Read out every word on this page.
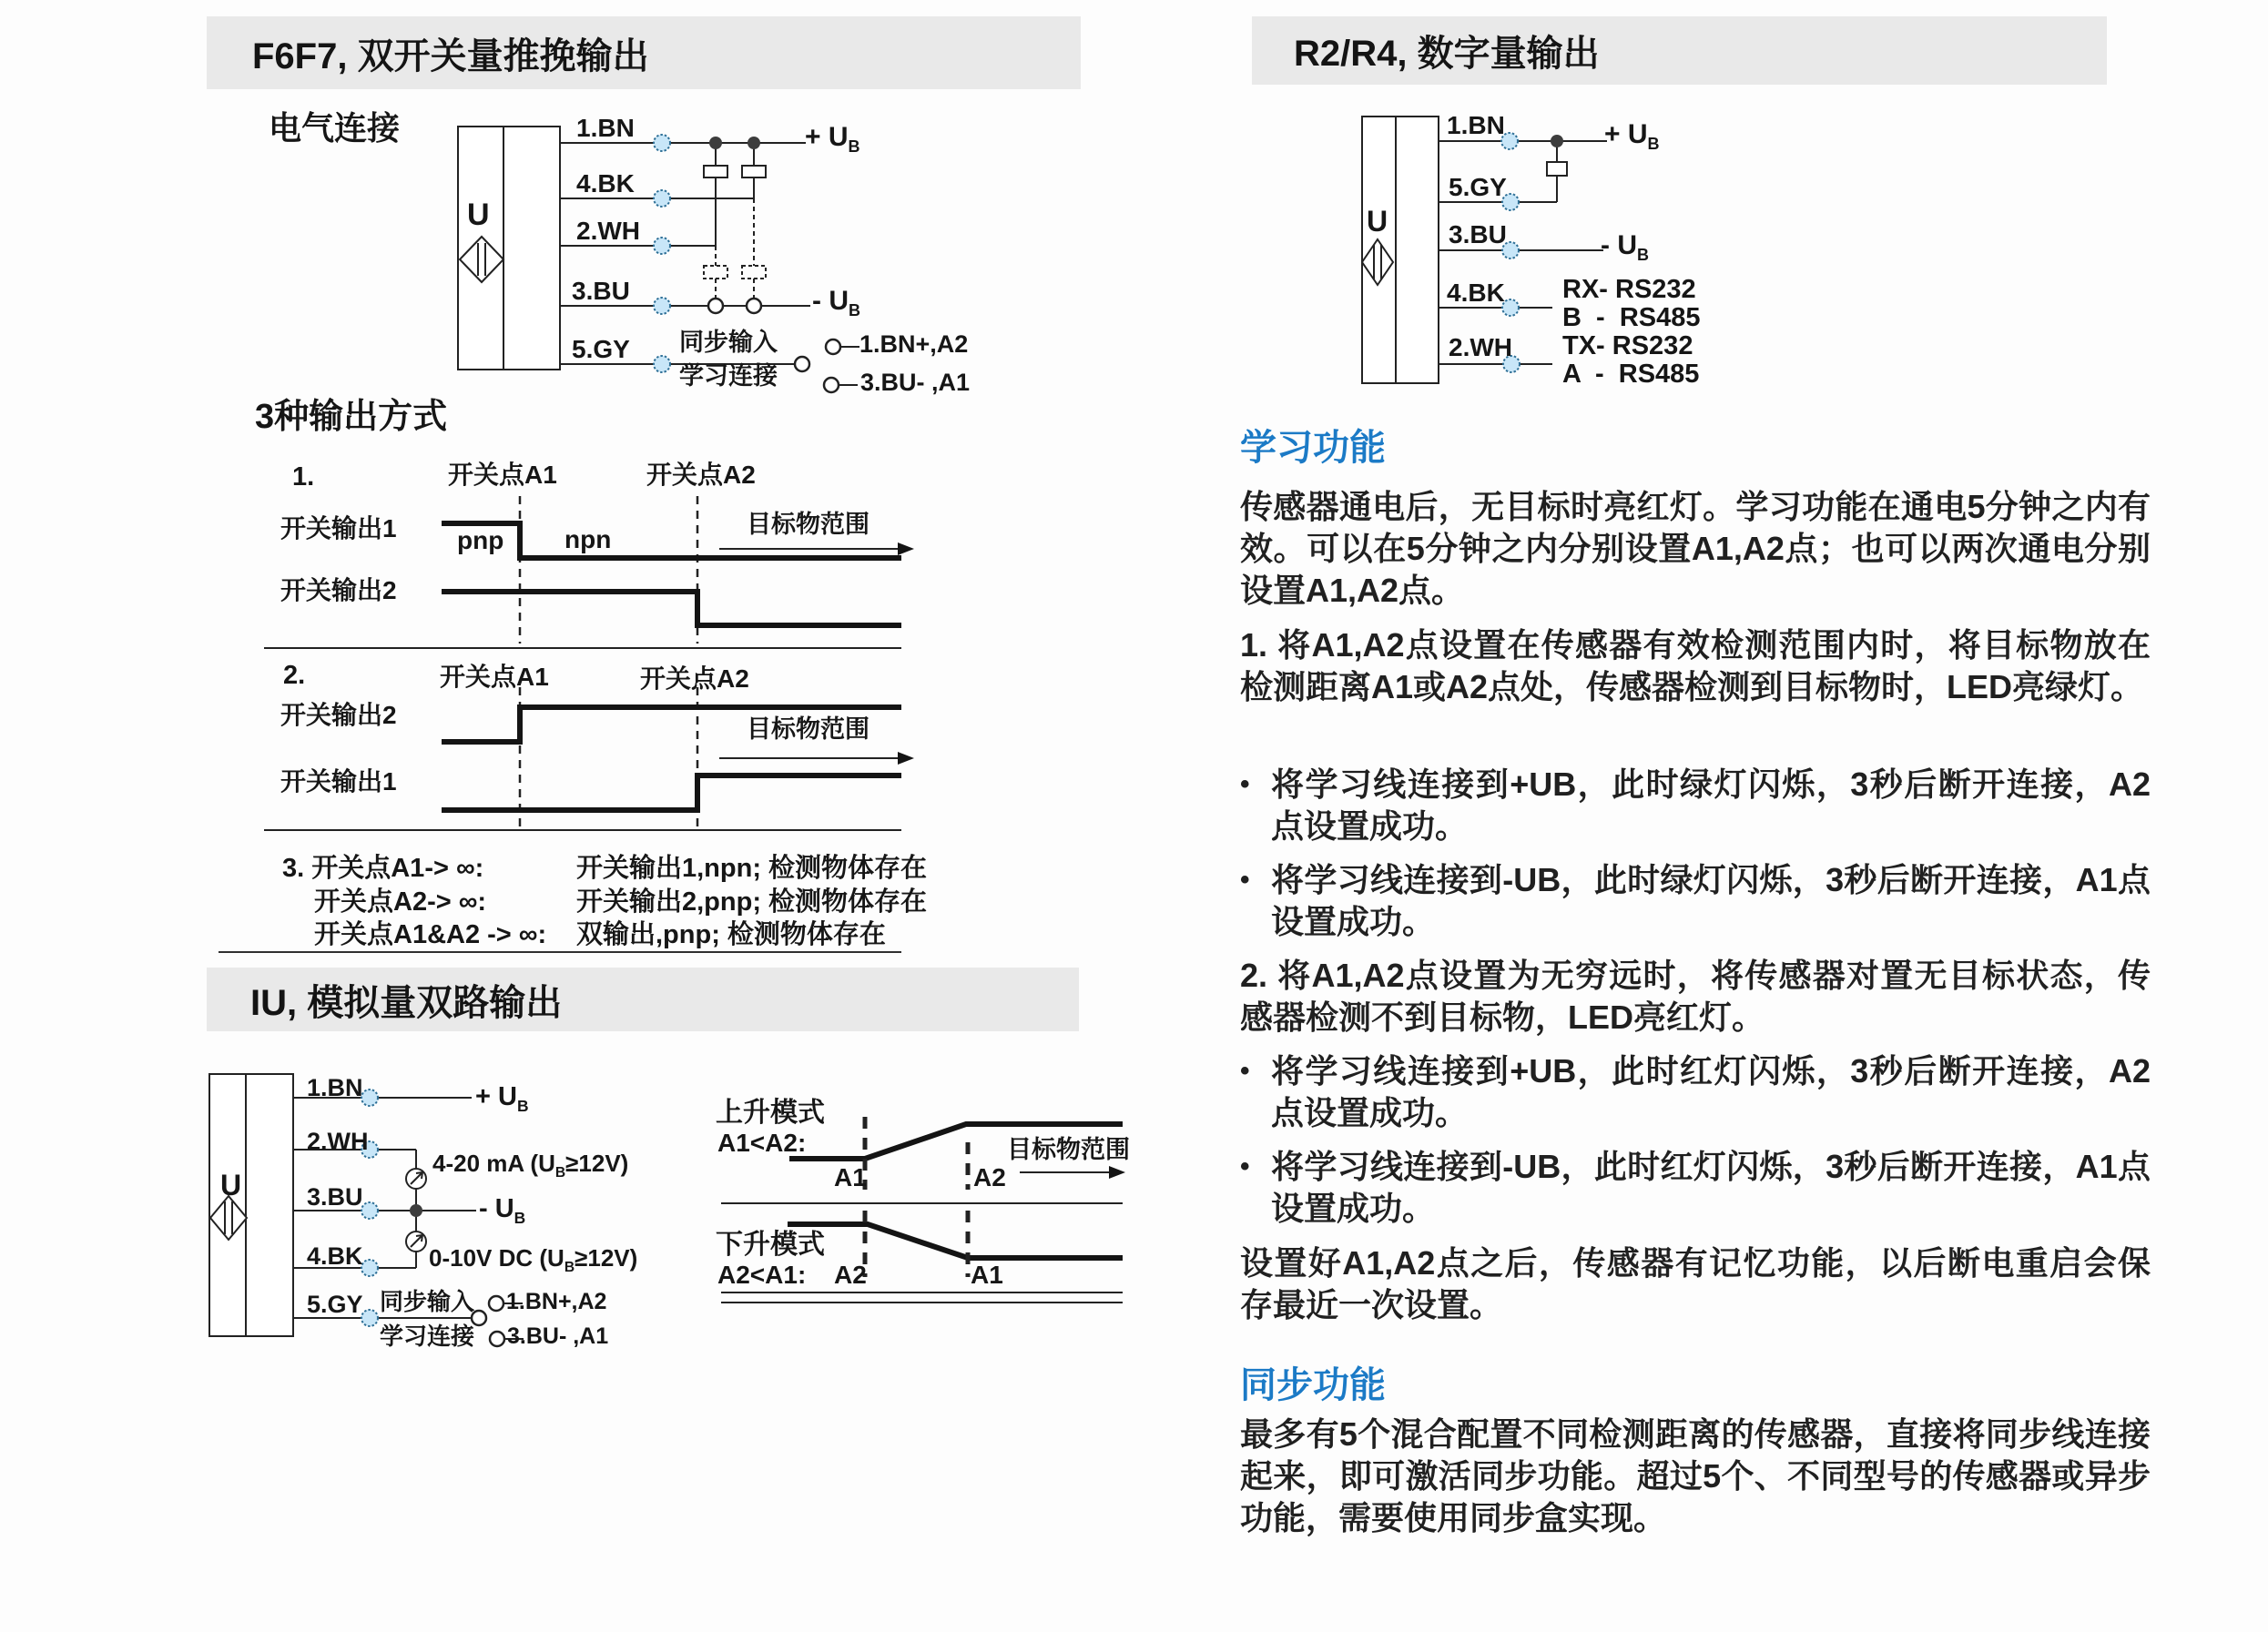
F6F7, 双开关量推挽输出
电气连接
U
1.BN
4.BK
2.WH
3.BU
5.GY
+ $U_B$
- $U_B$
同步输入
学习连接
1.BN+,A2
3.BU- ,A1
3种输出方式
1.	开关点A1	开关点A2
开关输出1 pnp npn
目标物范围
开关输出2
2.	开关点A1	开关点A2
开关输出2	目标物范围
开关输出1
3. 开关点A1-> ∞:	开关输出1,npn; 检测物体存在
开关点A2-> ∞:	开关输出2,pnp; 检测物体存在
开关点A1&A2 -> ∞: 双输出,pnp; 检测物体存在
IU, 模拟量双路输出
U
1.BN
2.WH
3.BU
4.BK
5.GY
+ $U_B$
- $U_B$
4-20 mA $(U_B\ge 12V)$
0-10V DC $(U_B\ge 12V)$
同步输入
学习连接
1.BN+,A2
3.BU- ,A1
上升模式
A1<A2:
A1	A2
目标物范围
下升模式
A2<A1: A2	A1
R2/R4, 数字量输出
U
1.BN
5.GY
3.BU
4.BK
2.WH
+ $U_B$
- $U_B$
RX- RS232
B  -  RS485
TX- RS232
A  -  RS485
学习功能
传感器通电后，无目标时亮红灯。学习功能在通电5分钟之内有效。可以在5分钟之内分别设置A1,A2点；也可以两次通电分别设置A1,A2点。
1. 将A1,A2点设置在传感器有效检测范围内时，将目标物放在检测距离A1或A2点处，传感器检测到目标物时，LED亮绿灯。
• 将学习线连接到+UB，此时绿灯闪烁，3秒后断开连接，A2点设置成功。
• 将学习线连接到-UB，此时绿灯闪烁，3秒后断开连接，A1点设置成功。
2. 将A1,A2点设置为无穷远时，将传感器对置无目标状态，传感器检测不到目标物，LED亮红灯。
• 将学习线连接到+UB，此时红灯闪烁，3秒后断开连接，A2点设置成功。
• 将学习线连接到-UB，此时红灯闪烁，3秒后断开连接，A1点设置成功。
设置好A1,A2点之后，传感器有记忆功能，以后断电重启会保存最近一次设置。
同步功能
最多有5个混合配置不同检测距离的传感器，直接将同步线连接起来，即可激活同步功能。超过5个、不同型号的传感器或异步功能，需要使用同步盒实现。
